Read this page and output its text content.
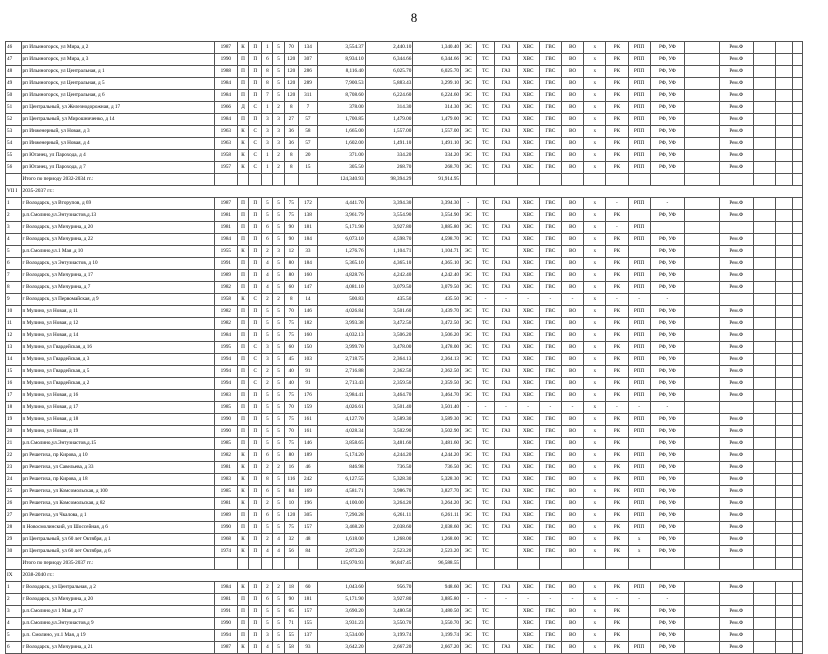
8
46	рп Ильиногорск, ул Мира, д 2	1987	К	П	1	5	70	134	3,554.37	2,440.10	1,340.40	ЭС	ТС	ГАЗ	ХВС	ГВС	ВО	х	РК	РПП	РФ, УФ		Рем.Ф			
47	рп Ильиногорск, ул Мира, д 3	1990	П	П	6	5	120	307	8,934.10	6,344.66	6,344.66	ЭС	ТС	ГАЗ	ХВС	ГВС	ВО	х	РК	РПП	РФ, УФ		Рем.Ф			
48	рп Ильиногорск, ул Центральная, д 1	1988	П	П	8	5	120	286	8,116.40	6,025.70	6,025.70	ЭС	ТС	ГАЗ	ХВС	ГВС	ВО	х	РК	РПП	РФ, УФ		Рем.Ф			
49	рп Ильиногорск, ул Центральная, д 5	1984	П	П	8	5	120	289	7,900.53	5,883.43	3,299.10	ЭС	ТС	ГАЗ	ХВС	ГВС	ВО	х	РК	РПП	РФ, УФ		Рем.Ф			
50	рп Ильиногорск, ул Центральная, д 6	1984	П	П	7	5	120	311	8,708.60	6,224.60	6,224.60	ЭС	ТС	ГАЗ	ХВС	ГВС	ВО	х	РК	РПП	РФ, УФ		Рем.Ф			
51	рп Центральный, ул Железнодорожная, д 17	1966	Д	С	1	2	8	7	378.00	314.30	314.30	ЭС	ТС	ГАЗ	ХВС	ГВС	ВО	х	РК	РПП	РФ, УФ		Рем.Ф			
52	рп Центральный, ул Мирошниченко, д 14	1984	П	П	3	3	27	57	1,700.85	1,479.00	1,479.00	ЭС	ТС	ГАЗ	ХВС	ГВС	ВО	х	РК	РПП	РФ, УФ		Рем.Ф			
53	рп Инженерный, ул Новая, д 3	1963	К	С	3	3	36	58	1,665.00	1,557.00	1,557.00	ЭС	ТС	ГАЗ	ХВС	ГВС	ВО	х	РК	РПП	РФ, УФ		Рем.Ф			
54	рп Инженерный, ул Новая, д 4	1963	К	С	3	3	36	57	1,602.00	1,491.10	1,491.10	ЭС	ТС	ГАЗ	ХВС	ГВС	ВО	х	РК	РПП	РФ, УФ		Рем.Ф			
55	рп Юганец, ул Парохода, д 4	1958	К	С	1	2	8	20	371.00	334.20	334.20	ЭС	ТС	ГАЗ	ХВС	ГВС	ВО	х	РК	РПП	РФ, УФ		Рем.Ф			
56	рп Юганец, ул Парохода, д 7	1957	К	С	1	2	8	15	305.50	268.70	268.70	ЭС	ТС	ГАЗ	ХВС	ГВС	ВО	х	РК	РПП	РФ, УФ		Рем.Ф			
	Итого по периоду 2032-2034 гг.:								124,340.93	98,394.29	91,914.95															
VII I	2035-2037 гг.:																									
1	г Володарск, ул Вторупов, д 69	1987	П	П	5	5	75	172	4,441.70	3,394.30	3,394.30	-	ТС	ГАЗ	ХВС	ГВС	ВО	х	-	РПП	-		Рем.Ф			
2	р.п.Смолино,ул.Энтузиастов,д.13	1981	П	П	5	5	75	138	3,961.79	3,554.90	3,554.90	ЭС	ТС		ХВС	ГВС	ВО	х	РК		РФ, УФ		Рем.Ф			
3	г Володарск, ул Мичурина, д 20	1981	П	П	6	5	90	181	5,171.90	3,927.80	3,885.80	ЭС	ТС	ГАЗ	ХВС	ГВС	ВО	х	-	РПП						
4	г Володарск, ул Мичурина, д 22	1984	П	П	6	5	90	184	6,073.10	4,598.70	4,598.70	ЭС	ТС	ГАЗ	ХВС	ГВС	ВО	х	РК	РПП	РФ, УФ		Рем.Ф			
5	р.п.Смолино,ул.1 Мая ,д 10	1955	К	П	2	3	12	33	1,276.76	1,104.71	1,104.71	ЭС	ТС		ХВС	ГВС	ВО	х	РК		РФ, УФ		Рем.Ф			
6	г Володарск, ул Энтузиастов, д 10	1991	П	П	4	5	80	184	5,365.10	4,365.10	4,365.10	ЭС	ТС	ГАЗ	ХВС	ГВС	ВО	х	РК	РПП	РФ, УФ		Рем.Ф			
7	г Володарск, ул Мичурина, д 17	1989	П	П	4	5	80	160	4,828.76	4,242.40	4,242.40	ЭС	ТС	ГАЗ	ХВС	ГВС	ВО	х	РК	РПП	РФ, УФ		Рем.Ф			
8	г Володарск, ул Мичурина, д 7	1982	П	П	4	5	60	147	4,081.10	3,079.50	3,079.50	ЭС	ТС	ГАЗ	ХВС	ГВС	ВО	х	РК	РПП	РФ, УФ		Рем.Ф			
9	г Володарск, ул Первомайская, д 9	1958	К	С	2	2	8	14	500.83	435.50	435.50	ЭС	-	-	-	-	-	х	-	-	-					
10	п Мулино, ул Новая, д 11	1982	П	П	5	5	70	146	4,026.84	3,501.60	3,439.70	ЭС	ТС	ГАЗ	ХВС	ГВС	ВО	х	РК	РПП	РФ, УФ		Рем.Ф			
11	п Мулино, ул Новая, д 12	1982	П	П	5	5	75	182	3,993.38	3,472.50	3,472.50	ЭС	ТС	ГАЗ	ХВС	ГВС	ВО	х	РК	РПП	РФ, УФ		Рем.Ф			
12	п Мулино, ул Новая, д 14	1984	П	П	5	5	75	160	4,032.13	3,506.20	3,506.20	ЭС	ТС	ГАЗ	ХВС	ГВС	ВО	х	РК	РПП	РФ, УФ		Рем.Ф			
13	п Мулино, ул Гвардейская, д 16	1995	П	С	3	5	60	150	3,999.70	3,478.00	3,478.00	ЭС	ТС	ГАЗ	ХВС	ГВС	ВО	х	РК	РПП	РФ, УФ		Рем.Ф			
14	п Мулино, ул Гвардейская, д 3	1994	П	С	3	5	45	103	2,718.75	2,364.13	2,364.13	ЭС	ТС	ГАЗ	ХВС	ГВС	ВО	х	РК	РПП	РФ, УФ		Рем.Ф			
15	п Мулино, ул Гвардейская, д 5	1994	П	С	2	5	40	91	2,716.88	2,362.50	2,362.50	ЭС	ТС	ГАЗ	ХВС	ГВС	ВО	х	РК	РПП	РФ, УФ		Рем.Ф			
16	п Мулино, ул Гвардейская, д 2	1994	П	С	2	5	40	91	2,713.43	2,359.50	2,359.50	ЭС	ТС	ГАЗ	ХВС	ГВС	ВО	х	РК	РПП	РФ, УФ		Рем.Ф			
17	п Мулино, ул Новая, д 16	1983	П	П	5	5	75	176	3,984.41	3,464.70	3,464.70	ЭС	ТС	ГАЗ	ХВС	ГВС	ВО	х	РК	РПП	РФ, УФ		Рем.Ф			
18	п Мулино, ул Новая, д 17	1985	П	П	5	5	70	159	4,026.61	3,501.40	3,501.40	-	-	-	-	-	-	х	-	-	-					
19	п Мулино, ул Новая, д 18	1990	П	П	5	5	75	161	4,127.70	3,589.30	3,589.30	ЭС	ТС	ГАЗ	ХВС	ГВС	ВО	х	РК	РПП	РФ, УФ		Рем.Ф			
20	п Мулино, ул Новая, д 19	1990	П	П	5	5	70	161	4,028.34	3,502.90	3,502.90	ЭС	ТС	ГАЗ	ХВС	ГВС	ВО	х	РК	РПП	РФ, УФ		Рем.Ф			
21	р.п.Смолино,ул.Энтузиастов,д.15	1985	П	П	5	5	75	146	3,858.65	3,481.60	3,481.60	ЭС	ТС		ХВС	ГВС	ВО	х	РК		РФ, УФ		Рем.Ф			
22	рп Решетиха, пр Кирова, д 10	1982	К	П	6	5	80	189	5,174.20	4,244.20	4,244.20	ЭС	ТС	ГАЗ	ХВС	ГВС	ВО	х	РК	РПП	РФ, УФ		Рем.Ф			
23	рп Решетиха, ул Савельева, д 33	1981	К	П	2	2	16	46	846.98	736.50	736.50	ЭС	ТС	ГАЗ	ХВС	ГВС	ВО	х	РК	РПП	РФ, УФ		Рем.Ф			
24	рп Решетиха, пр Кирова, д 18	1983	К	П	8	5	116	242	6,127.55	5,328.30	5,328.30	ЭС	ТС	ГАЗ	ХВС	ГВС	ВО	х	РК	РПП	РФ, УФ		Рем.Ф			
25	рп Решетиха, ул Комсомольская, д 100	1985	К	П	6	5	84	169	4,581.71	3,986.70	3,827.70	ЭС	ТС	ГАЗ	ХВС	ГВС	ВО	х	РК	РПП	РФ, УФ		Рем.Ф			
26	рп Решетиха, ул Комсомольская, д 82	1981	К	П	2	5	10	196	4,100.00	3,264.20	3,264.20	ЭС	ТС	ГАЗ	ХВС	ГВС	ВО	х	РК	РПП	РФ, УФ		Рем.Ф			
27	рп Решетиха, ул Чкалова, д 1	1989	П	П	6	5	120	305	7,290.28	6,261.11	6,261.11	ЭС	ТС	ГАЗ	ХВС	ГВС	ВО	х	РК	РПП	РФ, УФ		Рем.Ф			
28	п Новосмолинский, ул Шоссейная, д 6	1990	П	П	5	5	75	157	3,468.20	2,038.60	2,038.60	ЭС	ТС	ГАЗ	ХВС	ГВС	ВО	х	РК	РПП	РФ, УФ		Рем.Ф			
29	рп Центральный, ул 60 лет Октября, д 1	1968	К	П	2	4	32	48	1,618.00	1,268.00	1,268.00	ЭС	ТС		ХВС	ГВС	ВО	х	РК	х	РФ, УФ		Рем.Ф			
30	рп Центральный, ул 60 лет Октября, д 6	1974	К	П	4	4	56	84	2,873.20	2,523.20	2,523.20	ЭС	ТС		ХВС	ГВС	ВО	х	РК	х	РФ, УФ		Рем.Ф			
	Итого по периоду 2035-2037 гг.:								115,970.93	96,847.45	96,588.55															
IX	2038-2040 гг.:																									
1	г Володарск, ул Центральная, д 2	1984	К	П	2	2	18	60	1,043.60	956.70	948.60	ЭС	ТС	ГАЗ	ХВС	ГВС	ВО	х	РК	РПП	РФ, УФ		Рем.Ф			
2	г Володарск, ул Мичурина, д 20	1981	П	П	6	5	90	181	5,171.90	3,927.80	3,885.80	-	-	-	-	-	-	х	-	-	-					
3	р.п.Смолино,ул 1 Мая ,д 17	1991	П	П	5	5	65	157	3,690.20	3,480.50	3,480.50	ЭС	ТС		ХВС	ГВС	ВО	х	РК		РФ, УФ		Рем.Ф			
4	р.п.Смолино,ул.Энтузиастов,д 9	1990	П	П	5	5	71	155	3,931.23	3,550.70	3,550.70	ЭС	ТС		ХВС	ГВС	ВО	х	РК		РФ, УФ		Рем.Ф			
5	р.п. Смолино, ул.1 Мая, д 19	1994	П	П	3	5	55	137	3,534.00	3,199.74	3,199.74	ЭС	ТС		ХВС	ГВС	ВО	х	РК		РФ, УФ		Рем.Ф			
6	г Володарск, ул Мичурина, д 21	1987	К	П	4	5	58	93	3,642.20	2,667.20	2,667.20	ЭС	ТС	ГАЗ	ХВС	ГВС	ВО	х	РК	РПП	РФ, УФ		Рем.Ф			
